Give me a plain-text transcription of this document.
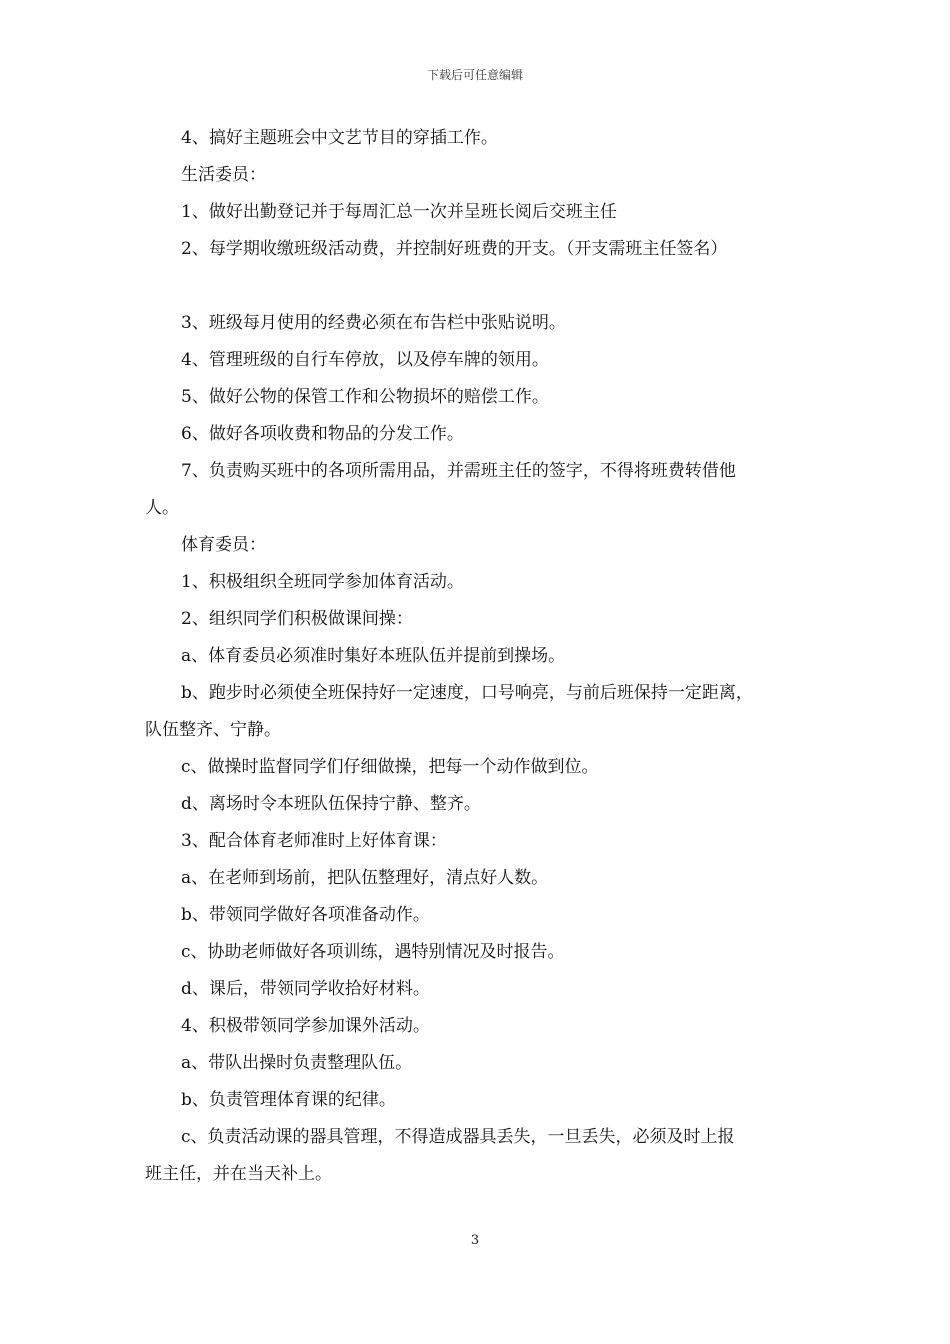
下载后可任意编辑

4、搞好主题班会中文艺节目的穿插工作。

生活委员：

1、做好出勤登记并于每周汇总一次并呈班长阅后交班主任

2、每学期收缴班级活动费，并控制好班费的开支。（开支需班主任签名）

3、班级每月使用的经费必须在布告栏中张贴说明。

4、管理班级的自行车停放，以及停车牌的领用。

5、做好公物的保管工作和公物损坏的赔偿工作。

6、做好各项收费和物品的分发工作。

7、负责购买班中的各项所需用品，并需班主任的签字，不得将班费转借他

人。

体育委员：

1、积极组织全班同学参加体育活动。

2、组织同学们积极做课间操：

a、体育委员必须准时集好本班队伍并提前到操场。

b、跑步时必须使全班保持好一定速度，口号响亮，与前后班保持一定距离，

队伍整齐、宁静。

c、做操时监督同学们仔细做操，把每一个动作做到位。

d、离场时令本班队伍保持宁静、整齐。

3、配合体育老师准时上好体育课：

a、在老师到场前，把队伍整理好，清点好人数。

b、带领同学做好各项准备动作。

c、协助老师做好各项训练，遇特别情况及时报告。

d、课后，带领同学收拾好材料。

4、积极带领同学参加课外活动。

a、带队出操时负责整理队伍。

b、负责管理体育课的纪律。

c、负责活动课的器具管理，不得造成器具丢失，一旦丢失，必须及时上报

班主任，并在当天补上。

3
